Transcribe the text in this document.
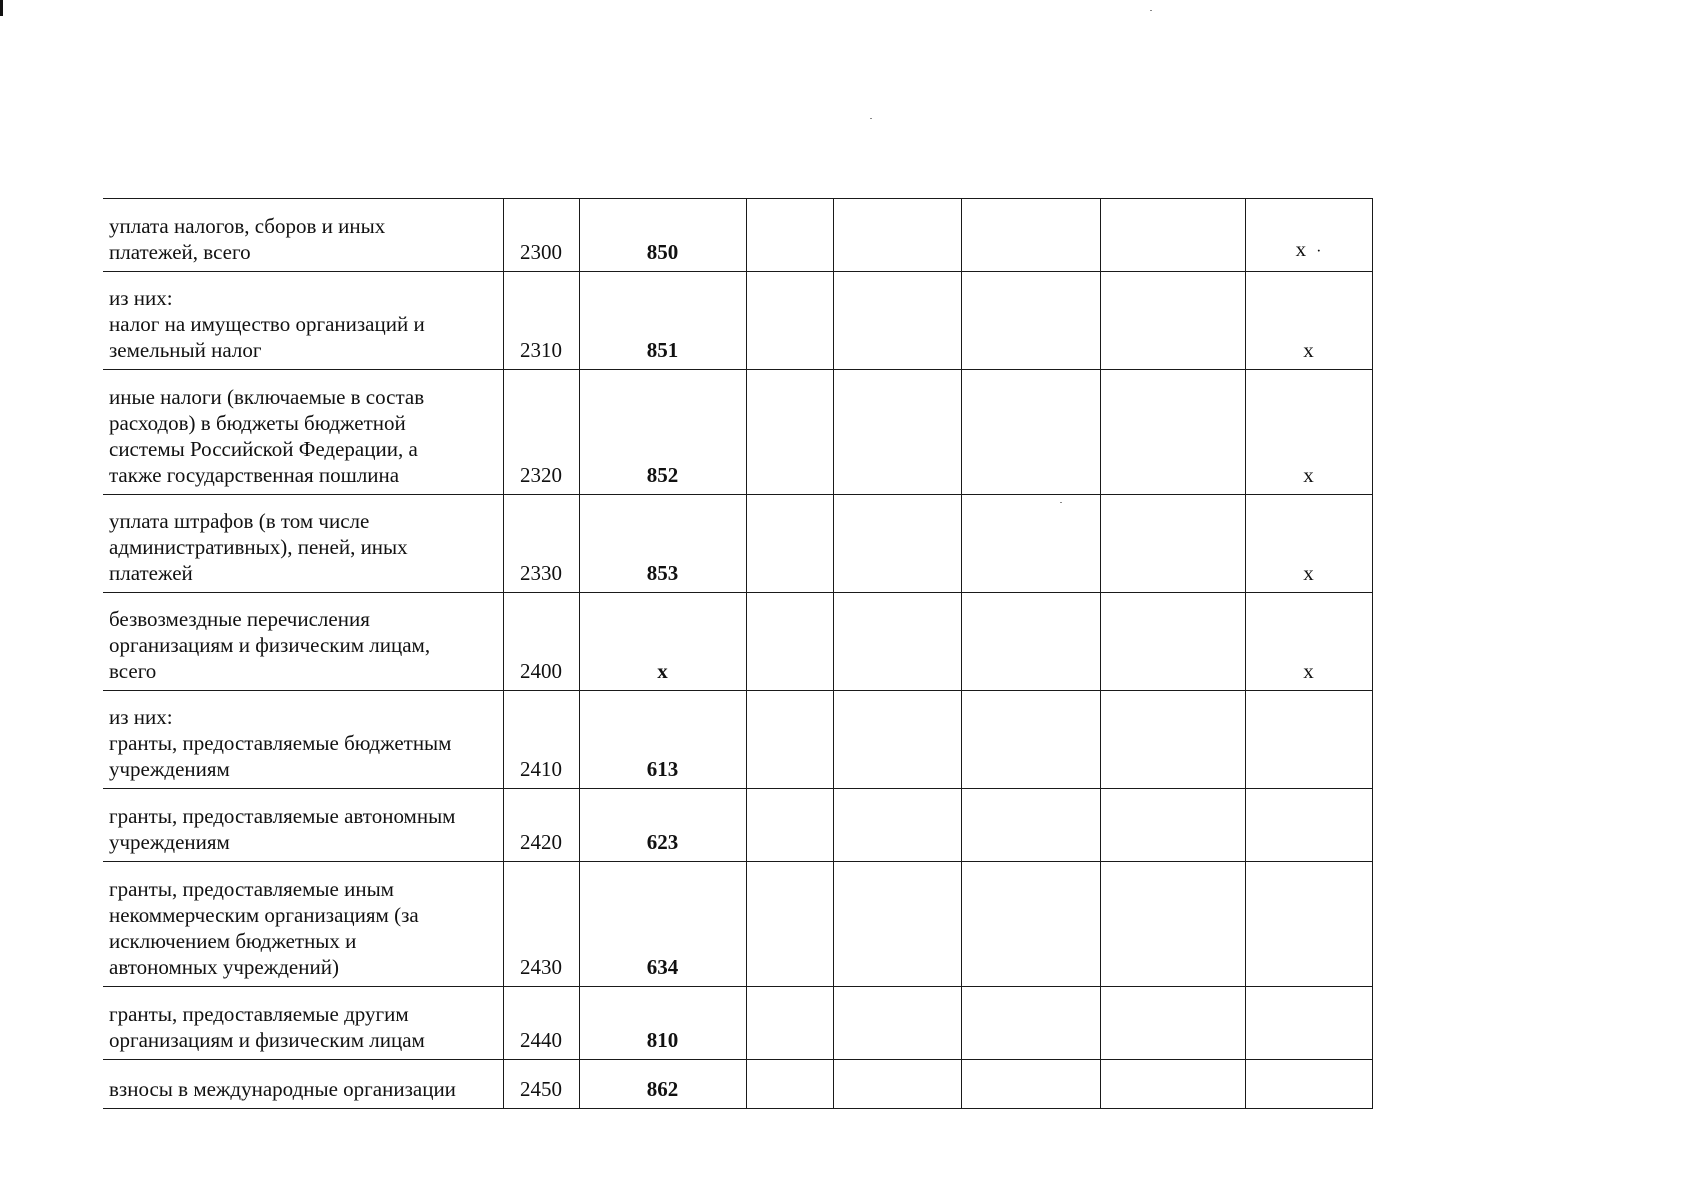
уплата налогов, сборов и иных
платежей, всего	2300	850					x ·
из них:
налог на имущество организаций и
земельный налог	2310	851					x
иные налоги (включаемые в состав
расходов) в бюджеты бюджетной
системы Российской Федерации, а
также государственная пошлина	2320	852					x
уплата штрафов (в том числе
административных), пеней, иных
платежей	2330	853					x
безвозмездные перечисления
организациям и физическим лицам,
всего	2400	x					x
из них:
гранты, предоставляемые бюджетным
учреждениям	2410	613					
гранты, предоставляемые автономным
учреждениям	2420	623					
гранты, предоставляемые иным
некоммерческим организациям (за
исключением бюджетных и
автономных учреждений)	2430	634					
гранты, предоставляемые другим
организациям и физическим лицам	2440	810					
взносы в международные организации	2450	862					
